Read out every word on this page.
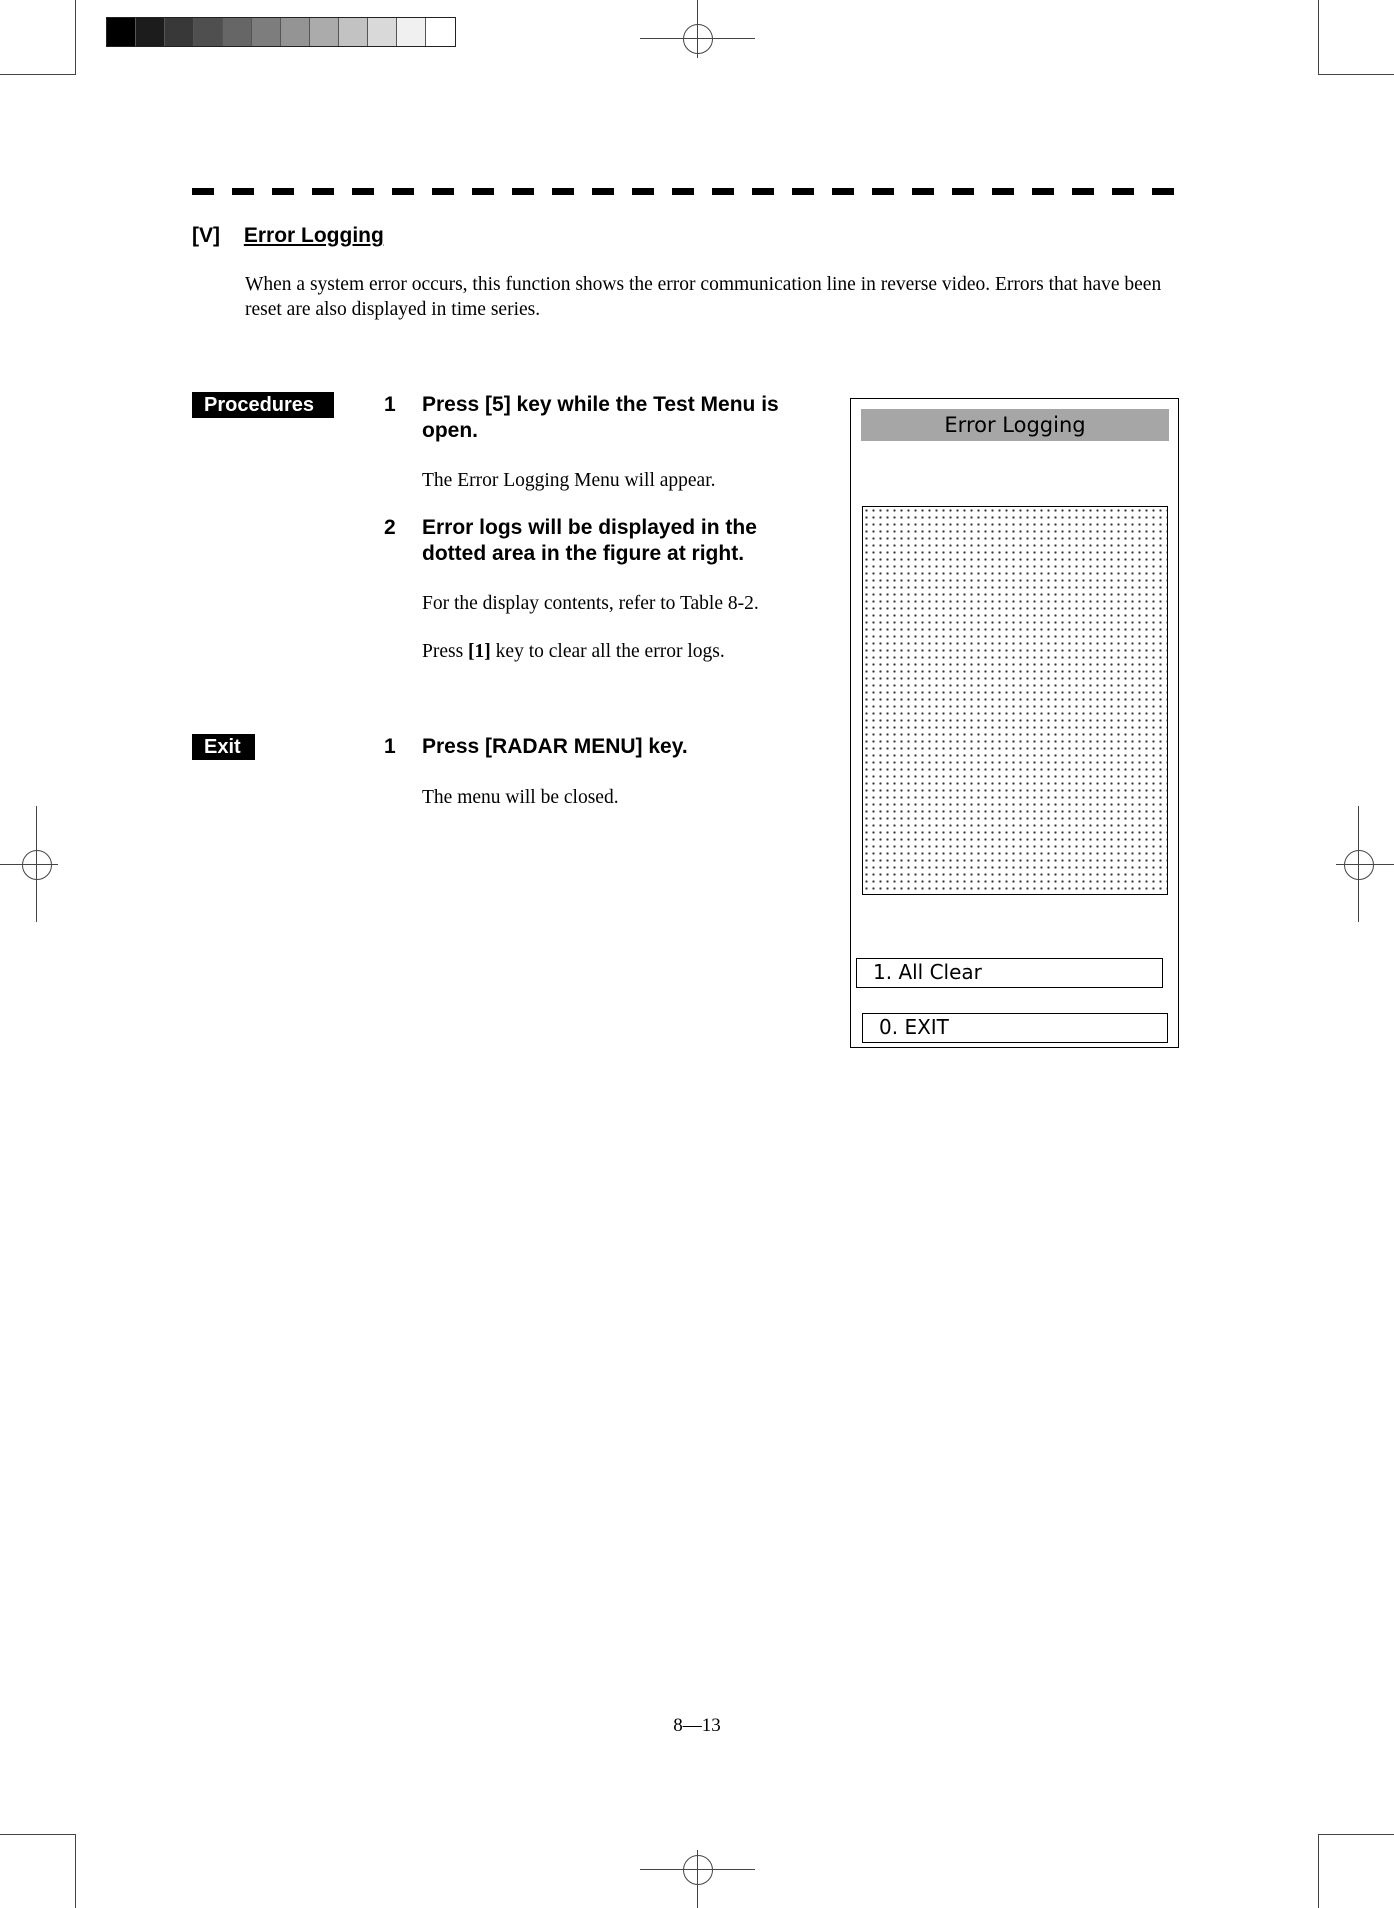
[V] Error Logging
When a system error occurs, this function shows the error communication line in reverse video. Errors that have been reset are also displayed in time series.
Procedures	1	Press [5] key while the Test Menu is open.
The Error Logging Menu will appear.
2	Error logs will be displayed in the dotted area in the figure at right.
For the display contents, refer to Table 8-2.
Press [1] key to clear all the error logs.
Exit	1	Press [RADAR MENU] key.
The menu will be closed.
Error Logging
1. All Clear
0. EXIT
8—13
